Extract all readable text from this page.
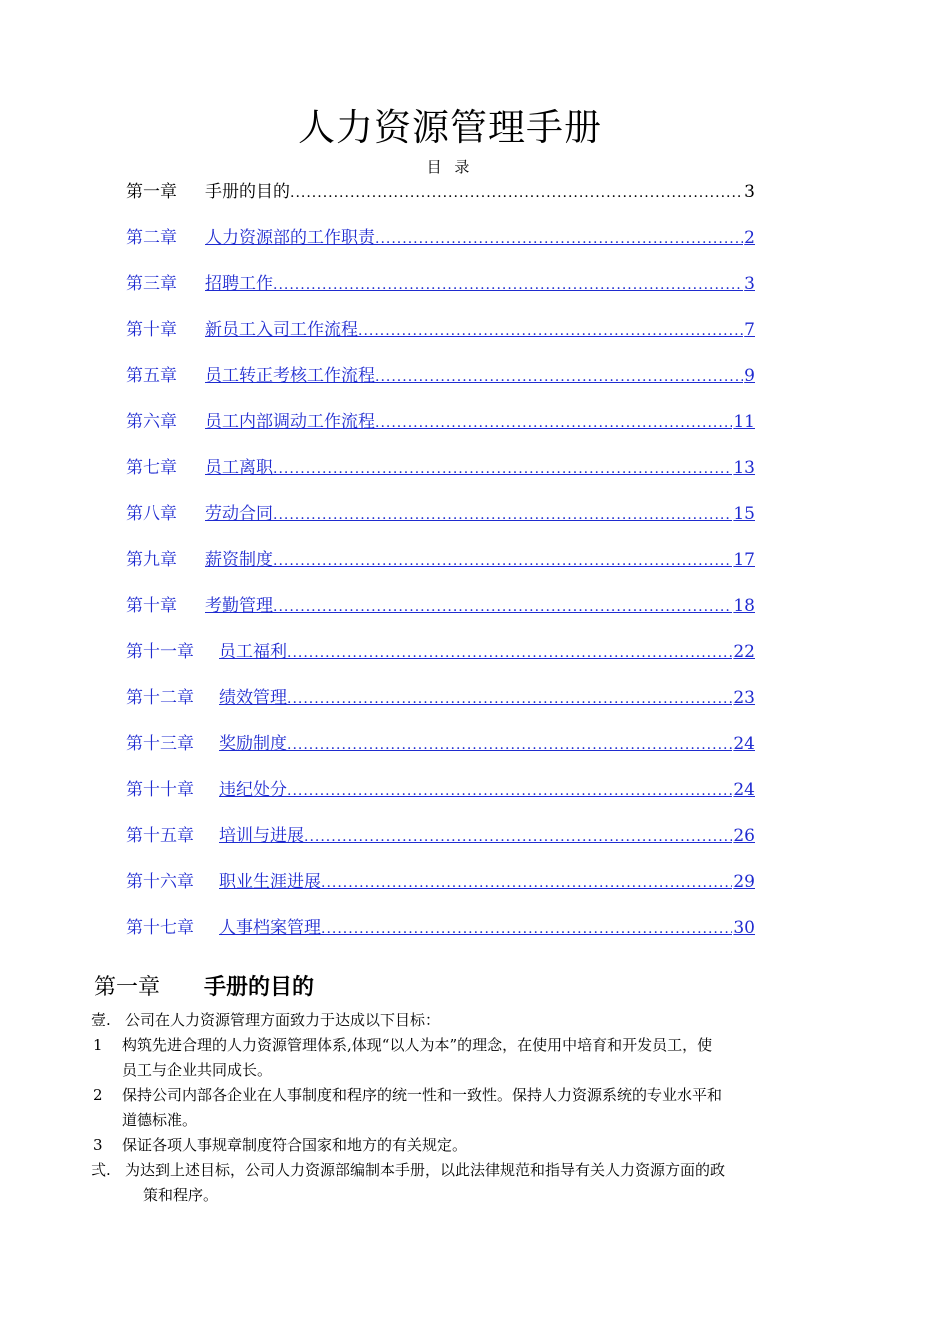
人力资源管理手册
目 录
第一章 手册的目的 .....	3
第二章 人力资源部的工作职责 .....	2
第三章 招聘工作 .....	3
第十章 新员工入司工作流程 .....	7
第五章 员工转正考核工作流程 .....	9
第六章 员工内部调动工作流程 .....	11
第七章 员工离职 .....	13
第八章 劳动合同 .....	15
第九章 薪资制度 .....	17
第十章 考勤管理 .....	18
第十一章 员工福利 .....	22
第十二章 绩效管理 .....	23
第十三章 奖励制度 .....	24
第十十章 违纪处分 .....	24
第十五章 培训与进展 .....	26
第十六章 职业生涯进展 .....	29
第十七章 人事档案管理 .....	30
第一章 手册的目的

壹. 公司在人力资源管理方面致力于达成以下目标：

1 构筑先进合理的人力资源管理体系,体现“以人为本”的理念，在使用中培育和开发员工，使
员工与企业共同成长。

2 保持公司内部各企业在人事制度和程序的统一性和一致性。保持人力资源系统的专业水平和
道德标准。

3 保证各项人事规章制度符合国家和地方的有关规定。

弍. 为达到上述目标，公司人力资源部编制本手册，以此法律规范和指导有关人力资源方面的政
策和程序。
